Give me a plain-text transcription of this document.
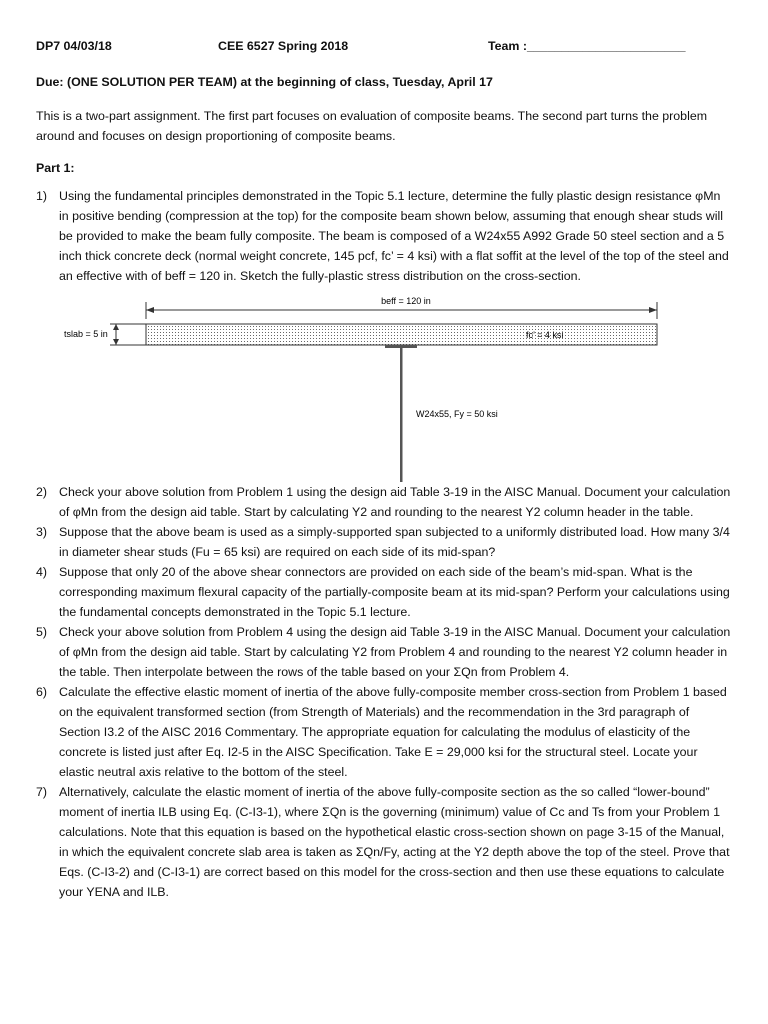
DP7 04/03/18	CEE 6527 Spring 2018	Team :_______________________
Due: (ONE SOLUTION PER TEAM) at the beginning of class, Tuesday, April 17
This is a two-part assignment. The first part focuses on evaluation of composite beams. The second part turns the problem around and focuses on design proportioning of composite beams.
Part 1:
1) Using the fundamental principles demonstrated in the Topic 5.1 lecture, determine the fully plastic design resistance φMn in positive bending (compression at the top) for the composite beam shown below, assuming that enough shear studs will be provided to make the beam fully composite. The beam is composed of a W24x55 A992 Grade 50 steel section and a 5 inch thick concrete deck (normal weight concrete, 145 pcf, fc’ = 4 ksi) with a flat soffit at the level of the top of the steel and an effective with of beff = 120 in. Sketch the fully-plastic stress distribution on the cross-section.
beff = 120 in
fc’ = 4 ksi
tslab = 5 in
W24x55, Fy = 50 ksi
2) Check your above solution from Problem 1 using the design aid Table 3-19 in the AISC Manual. Document your calculation of φMn from the design aid table. Start by calculating Y2 and rounding to the nearest Y2 column header in the table.
3) Suppose that the above beam is used as a simply-supported span subjected to a uniformly distributed load. How many 3/4 in diameter shear studs (Fu = 65 ksi) are required on each side of its mid-span?
4) Suppose that only 20 of the above shear connectors are provided on each side of the beam’s mid-span. What is the corresponding maximum flexural capacity of the partially-composite beam at its mid-span? Perform your calculations using the fundamental concepts demonstrated in the Topic 5.1 lecture.
5) Check your above solution from Problem 4 using the design aid Table 3-19 in the AISC Manual. Document your calculation of φMn from the design aid table. Start by calculating Y2 from Problem 4 and rounding to the nearest Y2 column header in the table. Then interpolate between the rows of the table based on your ΣQn from Problem 4.
6) Calculate the effective elastic moment of inertia of the above fully-composite member cross-section from Problem 1 based on the equivalent transformed section (from Strength of Materials) and the recommendation in the 3rd paragraph of Section I3.2 of the AISC 2016 Commentary. The appropriate equation for calculating the modulus of elasticity of the concrete is listed just after Eq. I2-5 in the AISC Specification. Take E = 29,000 ksi for the structural steel. Locate your elastic neutral axis relative to the bottom of the steel.
7) Alternatively, calculate the elastic moment of inertia of the above fully-composite section as the so called “lower-bound” moment of inertia ILB using Eq. (C-I3-1), where ΣQn is the governing (minimum) value of Cc and Ts from your Problem 1 calculations. Note that this equation is based on the hypothetical elastic cross-section shown on page 3-15 of the Manual, in which the equivalent concrete slab area is taken as ΣQn/Fy, acting at the Y2 depth above the top of the steel. Prove that Eqs. (C-I3-2) and (C-I3-1) are correct based on this model for the cross-section and then use these equations to calculate your YENA and ILB.
